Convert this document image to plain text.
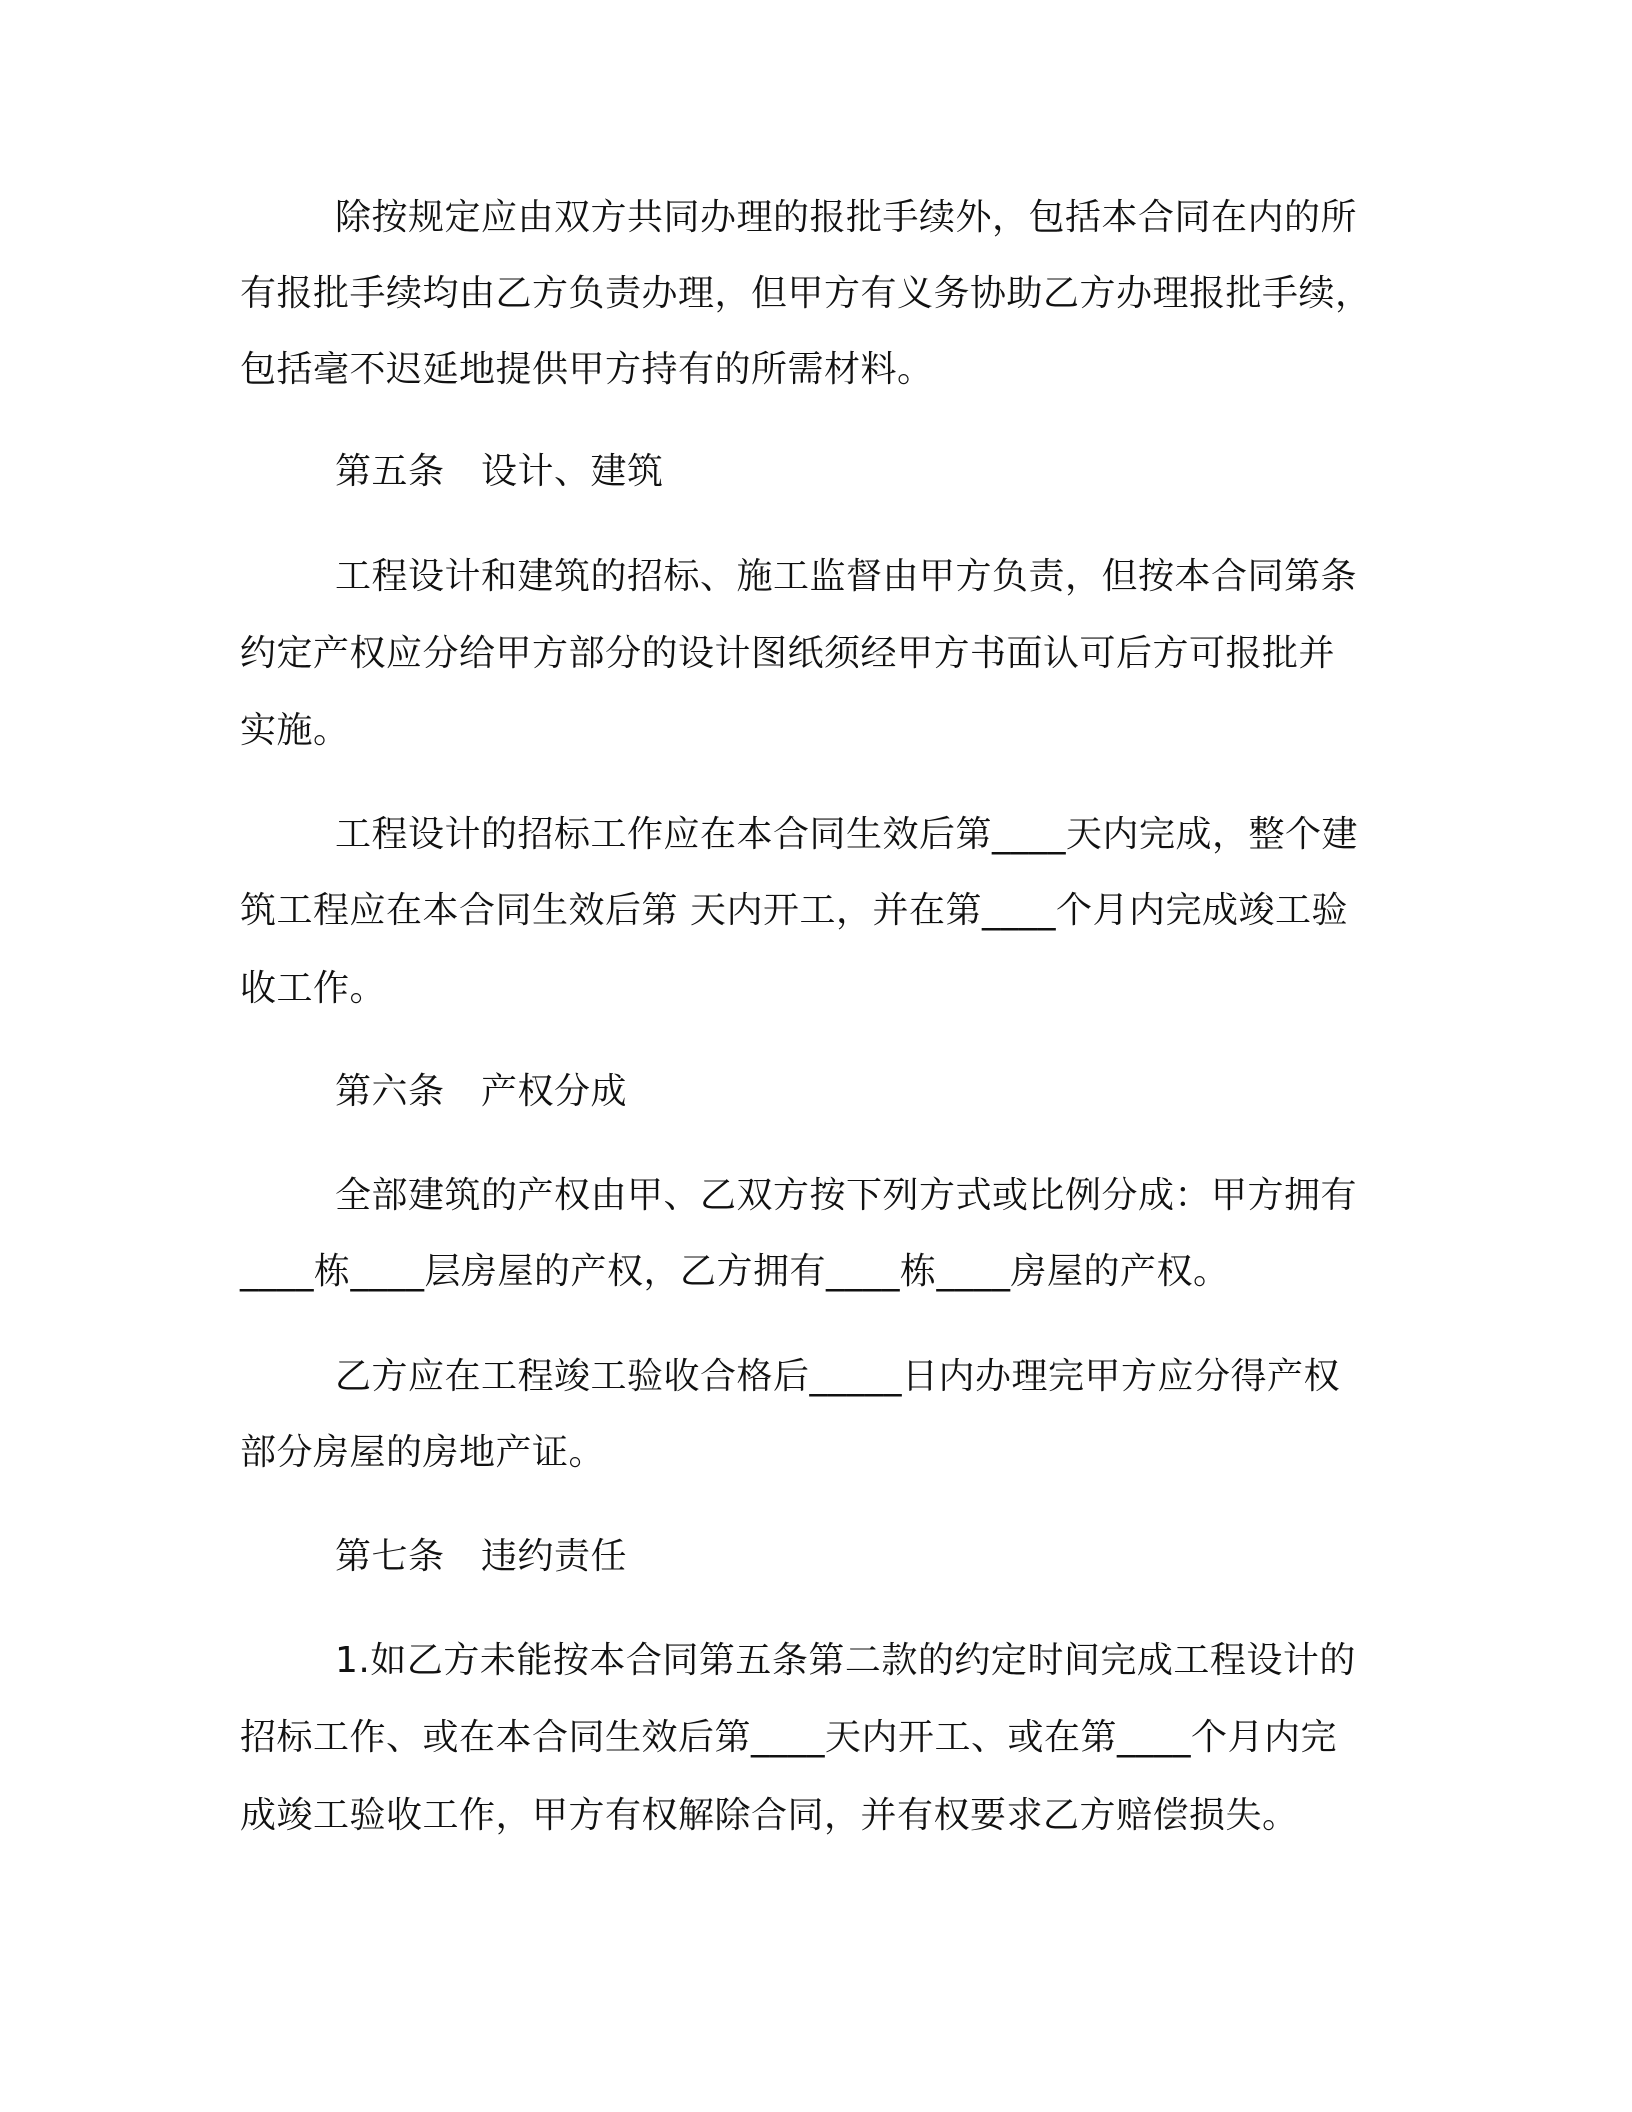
除按规定应由双方共同办理的报批手续外，包括本合同在内的所

有报批手续均由乙方负责办理，但甲方有义务协助乙方办理报批手续，

包括毫不迟延地提供甲方持有的所需材料。

第五条　设计、建筑

工程设计和建筑的招标、施工监督由甲方负责，但按本合同第条

约定产权应分给甲方部分的设计图纸须经甲方书面认可后方可报批并

实施。

工程设计的招标工作应在本合同生效后第____天内完成，整个建

筑工程应在本合同生效后第 天内开工，并在第____个月内完成竣工验

收工作。

第六条　产权分成

全部建筑的产权由甲、乙双方按下列方式或比例分成：甲方拥有

____栋____层房屋的产权，乙方拥有____栋____房屋的产权。

乙方应在工程竣工验收合格后_____日内办理完甲方应分得产权

部分房屋的房地产证。

第七条　违约责任

1.如乙方未能按本合同第五条第二款的约定时间完成工程设计的

招标工作、或在本合同生效后第____天内开工、或在第____个月内完

成竣工验收工作，甲方有权解除合同，并有权要求乙方赔偿损失。
